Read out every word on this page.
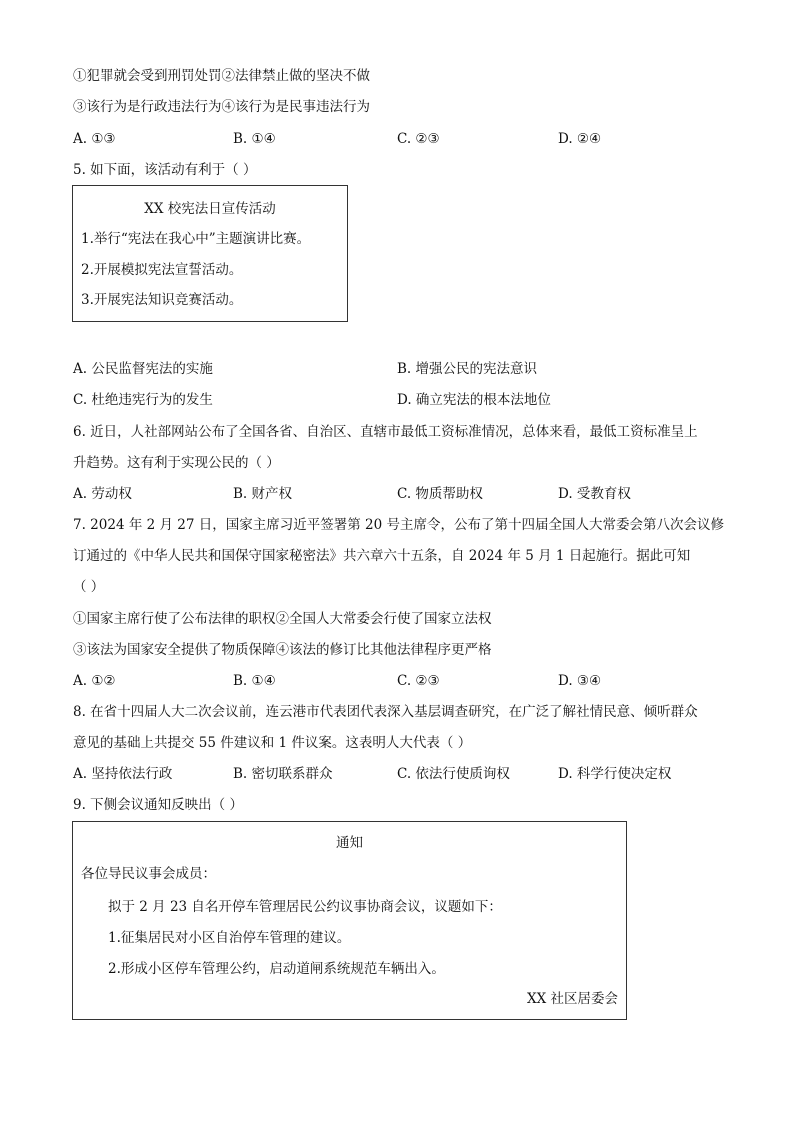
①犯罪就会受到刑罚处罚②法律禁止做的坚决不做
③该行为是行政违法行为④该行为是民事违法行为
A. ①③	B. ①④	C. ②③	D. ②④
5. 如下面，该活动有利于（ ）
XX 校宪法日宣传活动
1.举行“宪法在我心中”主题演讲比赛。
2.开展模拟宪法宣誓活动。
3.开展宪法知识竞赛活动。
A. 公民监督宪法的实施	B. 增强公民的宪法意识
C. 杜绝违宪行为的发生	D. 确立宪法的根本法地位
6. 近日，人社部网站公布了全国各省、自治区、直辖市最低工资标准情况，总体来看，最低工资标准呈上
升趋势。这有利于实现公民的（ ）
A. 劳动权	B. 财产权	C. 物质帮助权	D. 受教育权
7. 2024 年 2 月 27 日，国家主席习近平签署第 20 号主席令，公布了第十四届全国人大常委会第八次会议修
订通过的《中华人民共和国保守国家秘密法》共六章六十五条，自 2024 年 5 月 1 日起施行。据此可知
（ ）
①国家主席行使了公布法律的职权②全国人大常委会行使了国家立法权
③该法为国家安全提供了物质保障④该法的修订比其他法律程序更严格
A. ①②	B. ①④	C. ②③	D. ③④
8. 在省十四届人大二次会议前，连云港市代表团代表深入基层调查研究，在广泛了解社情民意、倾听群众
意见的基础上共提交 55 件建议和 1 件议案。这表明人大代表（ ）
A. 坚持依法行政	B. 密切联系群众	C. 依法行使质询权	D. 科学行使决定权
9. 下侧会议通知反映出（ ）
通知
各位导民议事会成员：
拟于 2 月 23 自名开停车管理居民公约议事协商会议，议题如下：
1.征集居民对小区自治停车管理的建议。
2.形成小区停车管理公约，启动道闸系统规范车辆出入。
XX 社区居委会
